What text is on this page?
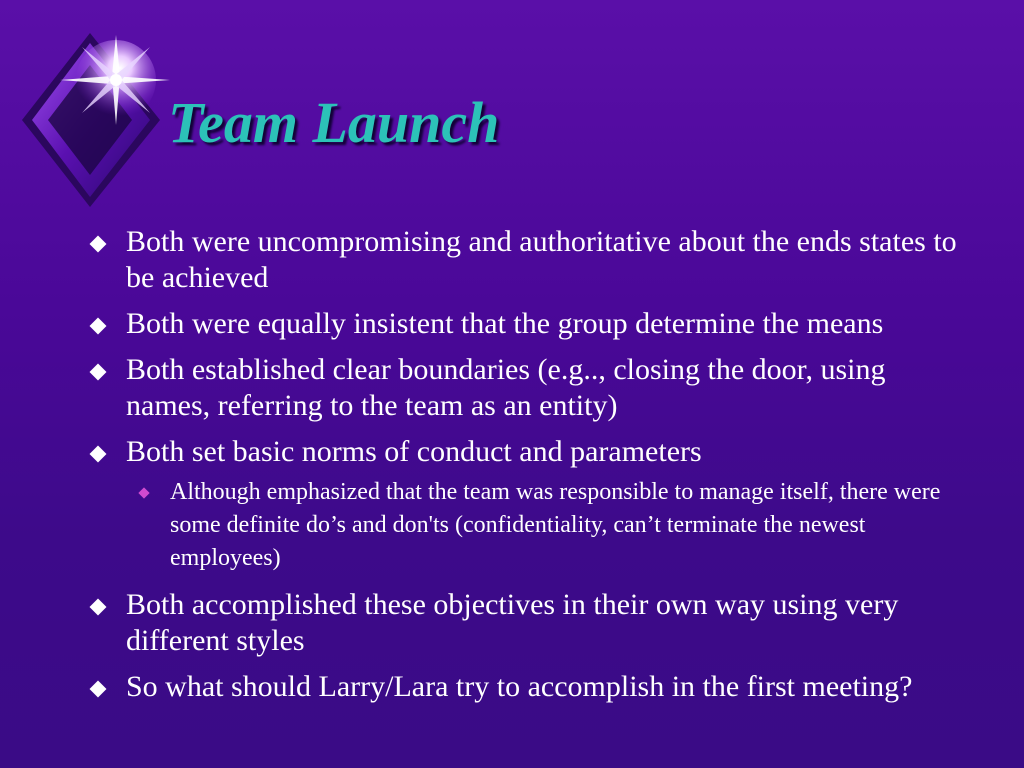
Team Launch
Both were uncompromising and authoritative about the ends states to be achieved
Both were equally insistent that the group determine the means
Both established clear boundaries (e.g.., closing the door, using names, referring to the team as an entity)
Both set basic norms of conduct and parameters
Although emphasized that the team was responsible to manage itself, there were some definite do’s and don'ts (confidentiality, can’t terminate the newest employees)
Both accomplished these objectives in their own way using very different styles
So what should Larry/Lara try to accomplish in the first meeting?
